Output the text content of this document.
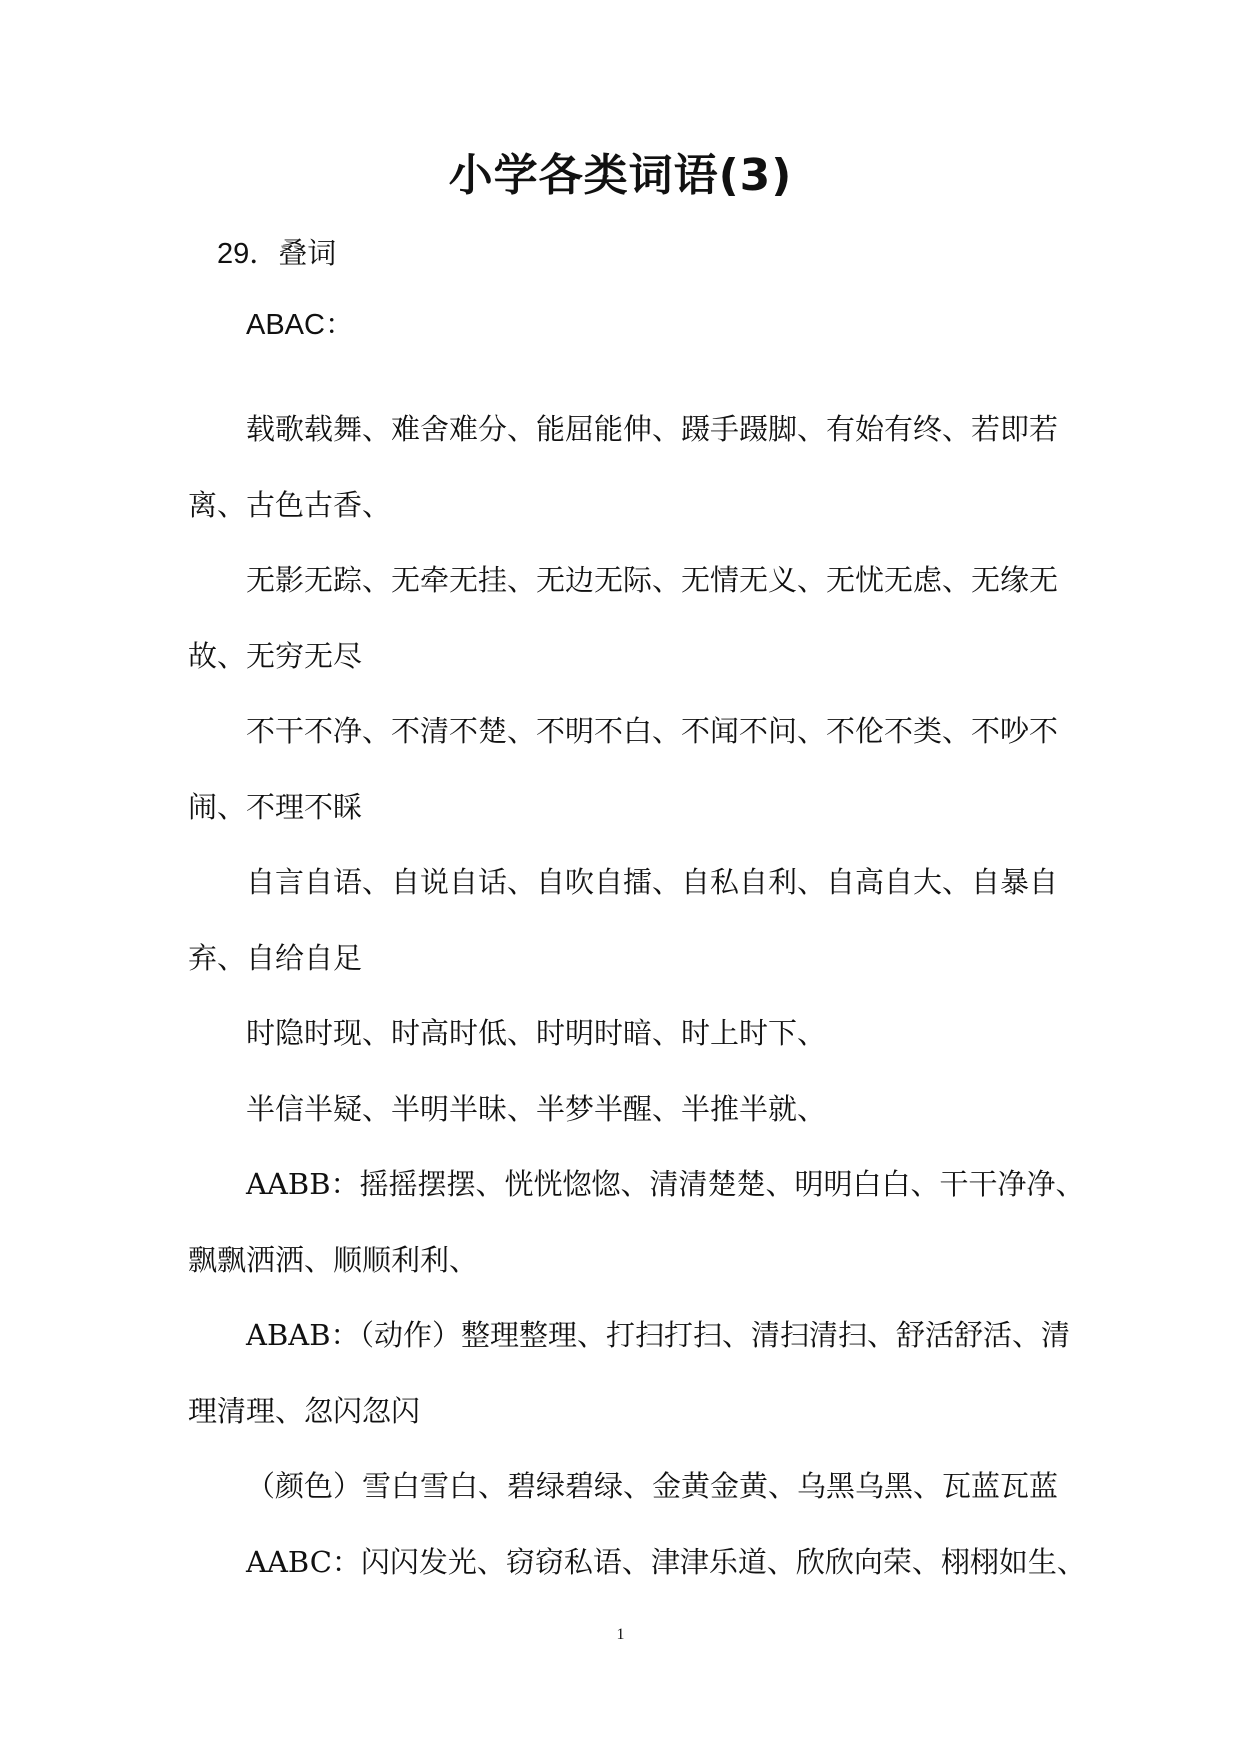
小学各类词语(3)
29．叠词
ABAC：
载歌载舞、难舍难分、能屈能伸、蹑手蹑脚、有始有终、若即若
离、古色古香、
无影无踪、无牵无挂、无边无际、无情无义、无忧无虑、无缘无
故、无穷无尽
不干不净、不清不楚、不明不白、不闻不问、不伦不类、不吵不
闹、不理不睬
自言自语、自说自话、自吹自擂、自私自利、自高自大、自暴自
弃、自给自足
时隐时现、时高时低、时明时暗、时上时下、
半信半疑、半明半昧、半梦半醒、半推半就、
AABB：摇摇摆摆、恍恍惚惚、清清楚楚、明明白白、干干净净、
飘飘洒洒、顺顺利利、
ABAB：（动作）整理整理、打扫打扫、清扫清扫、舒活舒活、清
理清理、忽闪忽闪
（颜色）雪白雪白、碧绿碧绿、金黄金黄、乌黑乌黑、瓦蓝瓦蓝
AABC：闪闪发光、窃窃私语、津津乐道、欣欣向荣、栩栩如生、
1
